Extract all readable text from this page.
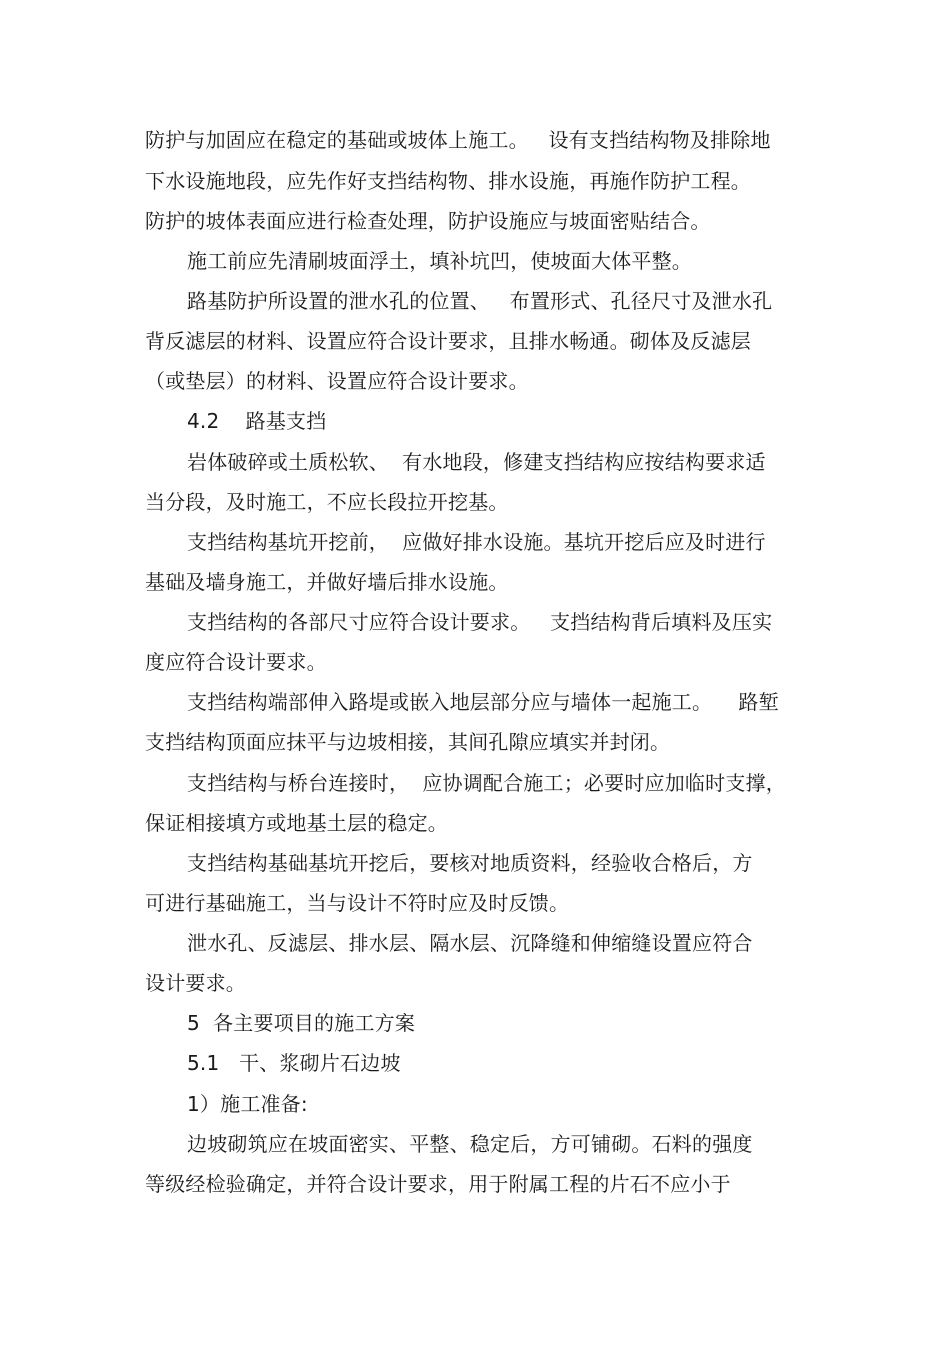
防护与加固应在稳定的基础或坡体上施工。   设有支挡结构物及排除地
下水设施地段，应先作好支挡结构物、排水设施，再施作防护工程。
防护的坡体表面应进行检查处理，防护设施应与坡面密贴结合。
施工前应先清刷坡面浮土，填补坑凹，使坡面大体平整。
路基防护所设置的泄水孔的位置、   布置形式、孔径尺寸及泄水孔
背反滤层的材料、设置应符合设计要求，且排水畅通。砌体及反滤层
（或垫层）的材料、设置应符合设计要求。
4.2    路基支挡
岩体破碎或土质松软、  有水地段，修建支挡结构应按结构要求适
当分段，及时施工，不应长段拉开挖基。
支挡结构基坑开挖前，  应做好排水设施。基坑开挖后应及时进行
基础及墙身施工，并做好墙后排水设施。
支挡结构的各部尺寸应符合设计要求。   支挡结构背后填料及压实
度应符合设计要求。
支挡结构端部伸入路堤或嵌入地层部分应与墙体一起施工。    路堑
支挡结构顶面应抹平与边坡相接，其间孔隙应填实并封闭。
支挡结构与桥台连接时，  应协调配合施工；必要时应加临时支撑，
保证相接填方或地基土层的稳定。
支挡结构基础基坑开挖后，要核对地质资料，经验收合格后，方
可进行基础施工，当与设计不符时应及时反馈。
泄水孔、反滤层、排水层、隔水层、沉降缝和伸缩缝设置应符合
设计要求。
5  各主要项目的施工方案
5.1   干、浆砌片石边坡
1）施工准备:
边坡砌筑应在坡面密实、平整、稳定后，方可铺砌。石料的强度
等级经检验确定，并符合设计要求，用于附属工程的片石不应小于
